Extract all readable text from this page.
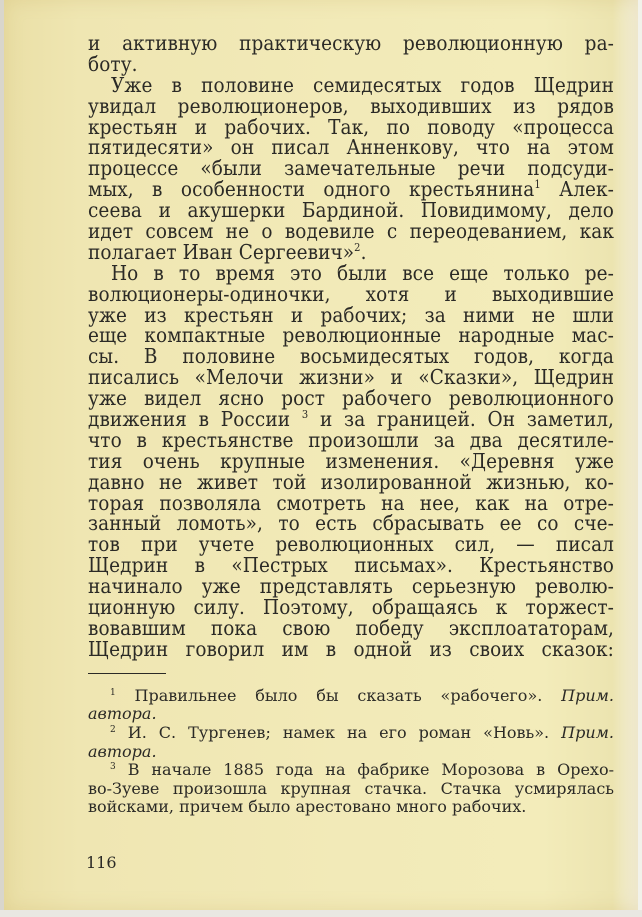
и активную практическую революционную ра-
боту.
Уже в половине семидесятых годов Щедрин
увидал революционеров, выходивших из рядов
крестьян и рабочих. Так, по поводу «процесса
пятидесяти» он писал Анненкову, что на этом
процессе «были замечательные речи подсуди-
мых, в особенности одного крестьянина$^1$ Алек-
сеева и акушерки Бардиной. Повидимому, дело
идет совсем не о водевиле с переодеванием, как
полагает Иван Сергеевич»$^2$.
Но в то время это были все еще только ре-
волюционеры-одиночки, хотя и выходившие
уже из крестьян и рабочих; за ними не шли
еще компактные революционные народные мас-
сы. В половине восьмидесятых годов, когда
писались «Мелочи жизни» и «Сказки», Щедрин
уже видел ясно рост рабочего революционного
движения в России $^3$ и за границей. Он заметил,
что в крестьянстве произошли за два десятиле-
тия очень крупные изменения. «Деревня уже
давно не живет той изолированной жизнью, ко-
торая позволяла смотреть на нее, как на отре-
занный ломоть», то есть сбрасывать ее со сче-
тов при учете революционных сил, — писал
Щедрин в «Пестрых письмах». Крестьянство
начинало уже представлять серьезную револю-
ционную силу. Поэтому, обращаясь к торжест-
вовавшим пока свою победу эксплоататорам,
Щедрин говорил им в одной из своих сказок:
$^1$ Правильнее было бы сказать «рабочего». Прим.
автора.
$^2$ И. С. Тургенев; намек на его роман «Новь». Прим.
автора.
$^3$ В начале 1885 года на фабрике Морозова в Орехо-
во-Зуеве произошла крупная стачка. Стачка усмирялась
войсками, причем было арестовано много рабочих.
116
